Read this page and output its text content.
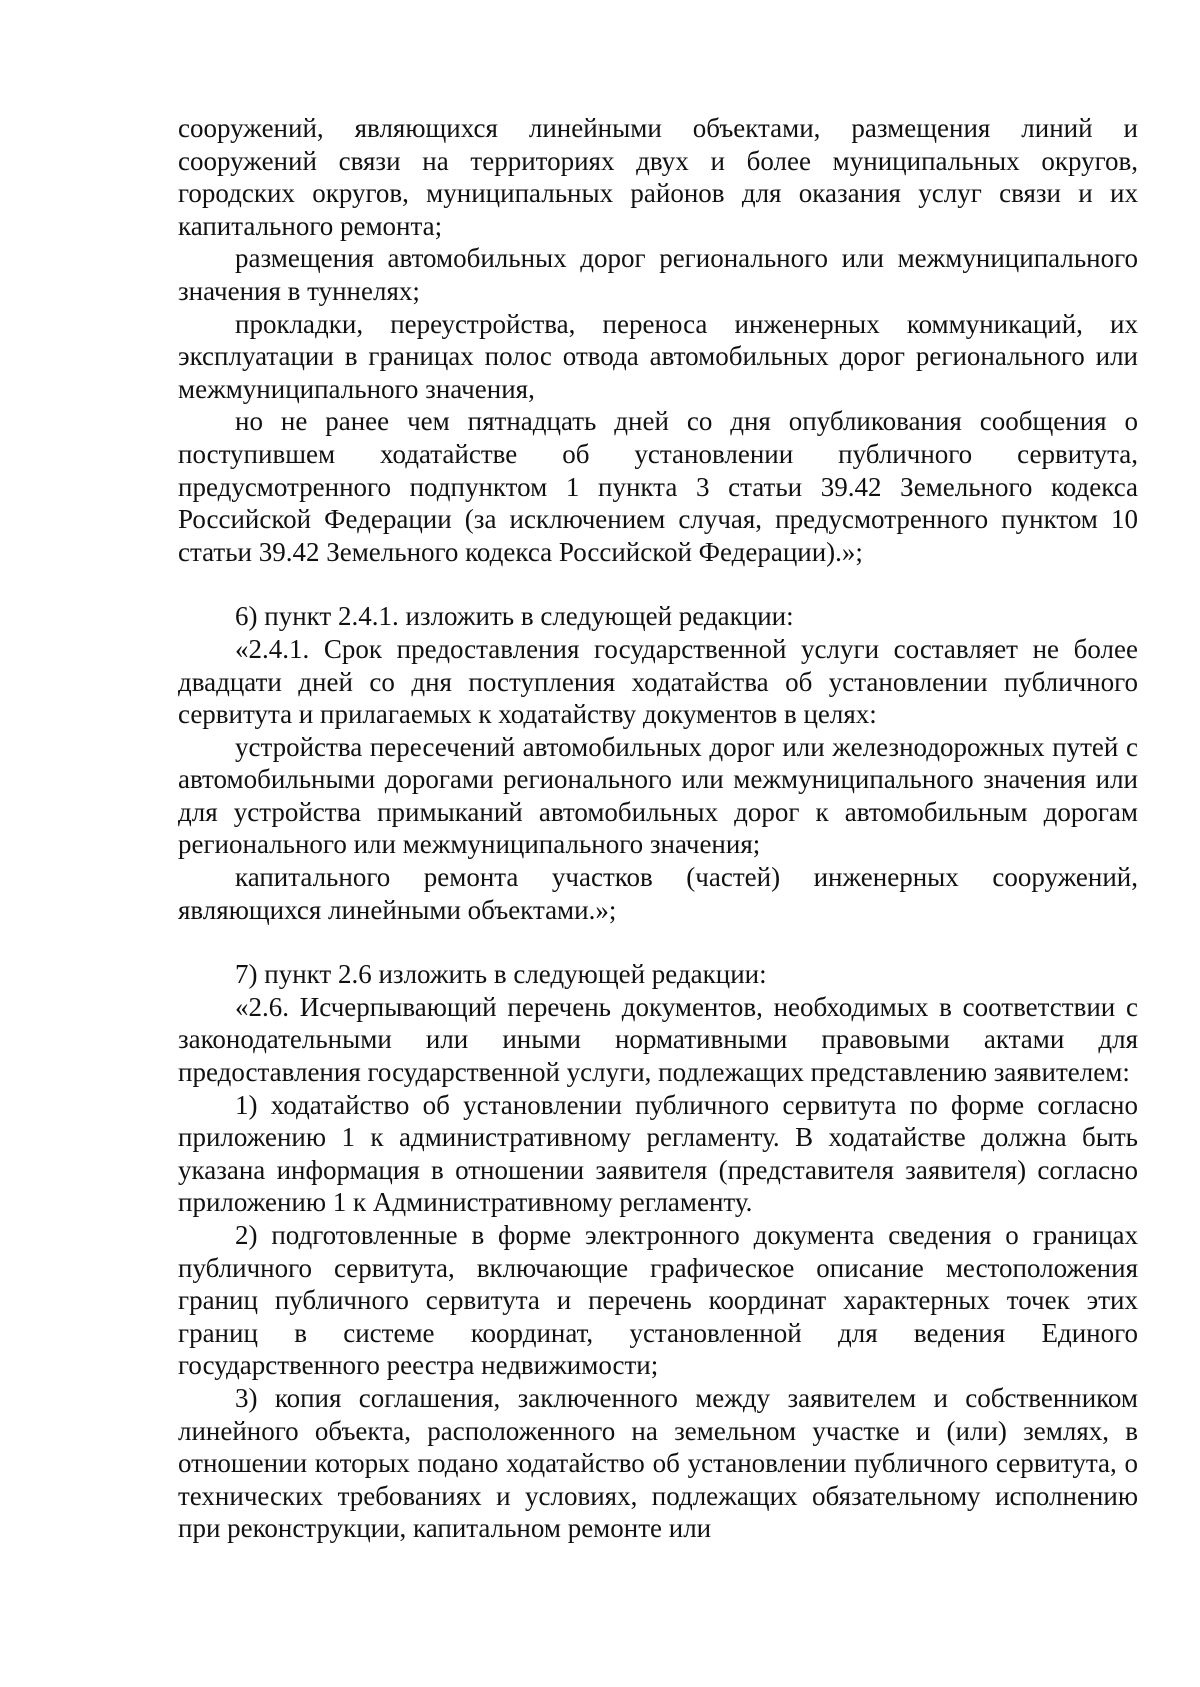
сооружений, являющихся линейными объектами, размещения линий и сооружений связи на территориях двух и более муниципальных округов, городских округов, муниципальных районов для оказания услуг связи и их капитального ремонта;

размещения автомобильных дорог регионального или межмуниципального значения в туннелях;

прокладки, переустройства, переноса инженерных коммуникаций, их эксплуатации в границах полос отвода автомобильных дорог регионального или межмуниципального значения,

но не ранее чем пятнадцать дней со дня опубликования сообщения о поступившем ходатайстве об установлении публичного сервитута, предусмотренного подпунктом 1 пункта 3 статьи 39.42 Земельного кодекса Российской Федерации (за исключением случая, предусмотренного пунктом 10 статьи 39.42 Земельного кодекса Российской Федерации).»;

6) пункт 2.4.1. изложить в следующей редакции:

«2.4.1. Срок предоставления государственной услуги составляет не более двадцати дней со дня поступления ходатайства об установлении публичного сервитута и прилагаемых к ходатайству документов в целях:

устройства пересечений автомобильных дорог или железнодорожных путей с автомобильными дорогами регионального или межмуниципального значения или для устройства примыканий автомобильных дорог к автомобильным дорогам регионального или межмуниципального значения;

капитального ремонта участков (частей) инженерных сооружений, являющихся линейными объектами.»;

7) пункт 2.6 изложить в следующей редакции:

«2.6. Исчерпывающий перечень документов, необходимых в соответствии с законодательными или иными нормативными правовыми актами для предоставления государственной услуги, подлежащих представлению заявителем:

1) ходатайство об установлении публичного сервитута по форме согласно приложению 1 к административному регламенту. В ходатайстве должна быть указана информация в отношении заявителя (представителя заявителя) согласно приложению 1 к Административному регламенту.

2) подготовленные в форме электронного документа сведения о границах публичного сервитута, включающие графическое описание местоположения границ публичного сервитута и перечень координат характерных точек этих границ в системе координат, установленной для ведения Единого государственного реестра недвижимости;

3) копия соглашения, заключенного между заявителем и собственником линейного объекта, расположенного на земельном участке и (или) землях, в отношении которых подано ходатайство об установлении публичного сервитута, о технических требованиях и условиях, подлежащих обязательному исполнению при реконструкции, капитальном ремонте или
